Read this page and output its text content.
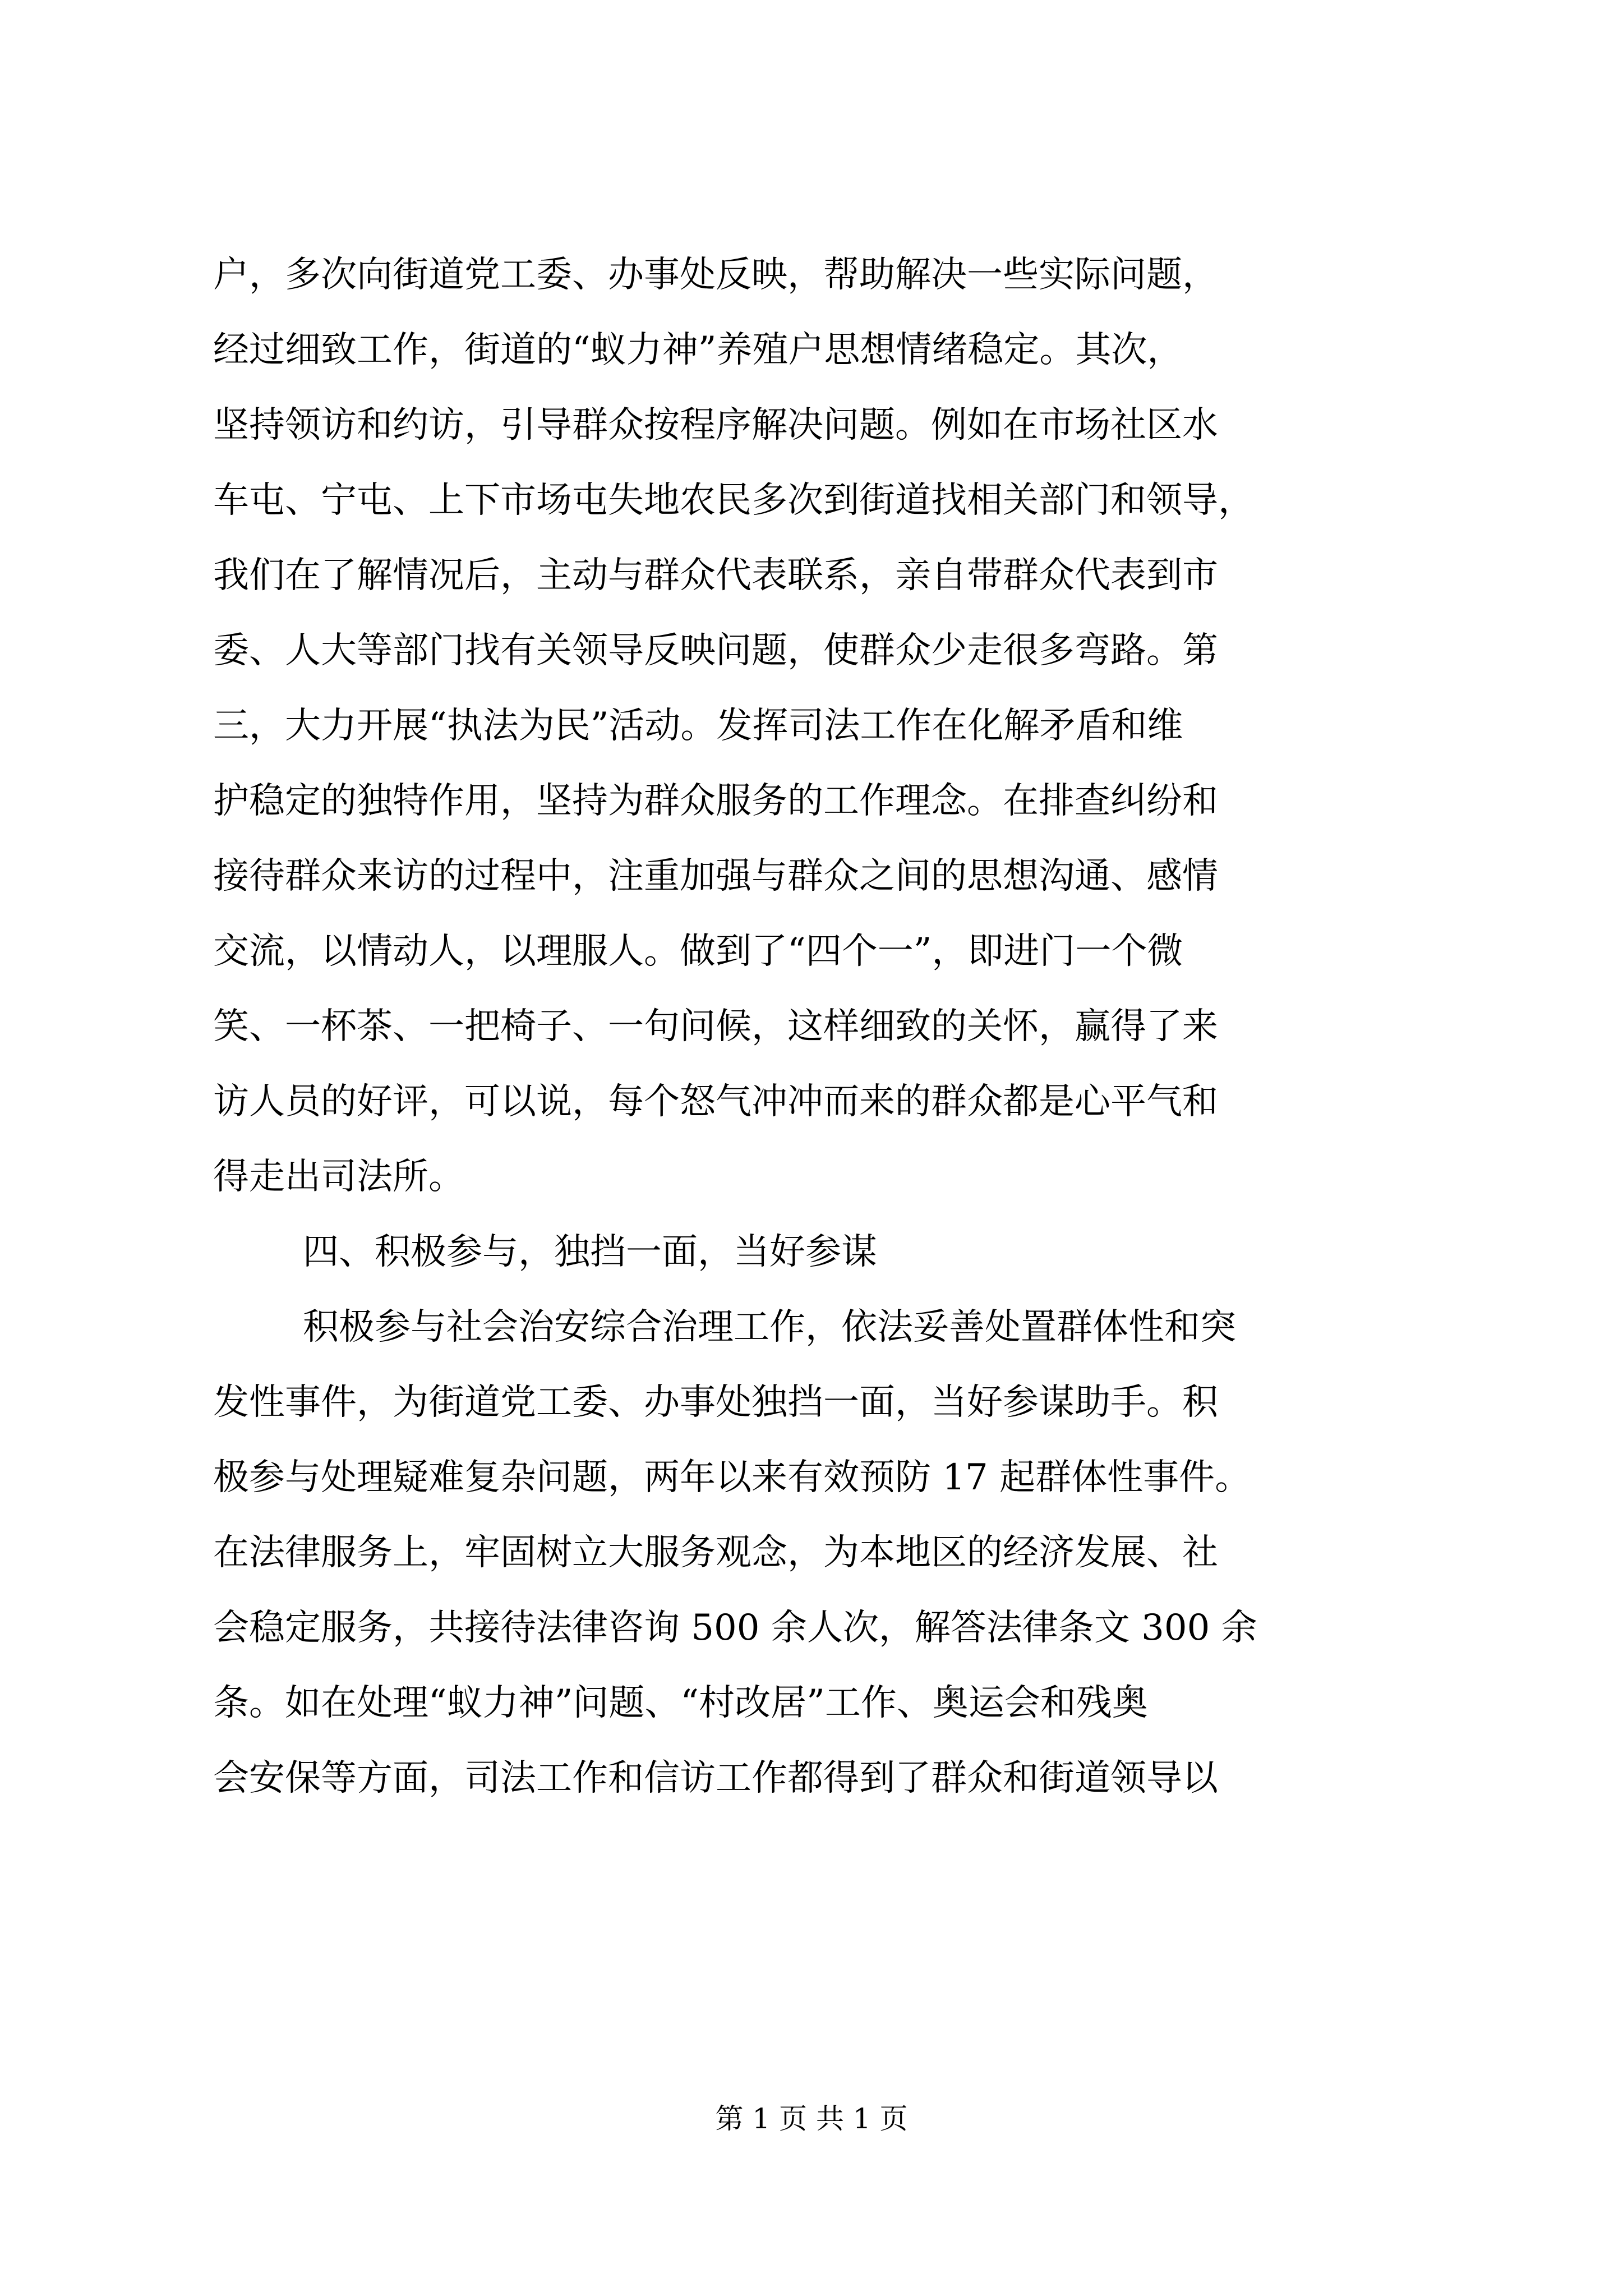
户，多次向街道党工委、办事处反映，帮助解决一些实际问题，
经过细致工作，街道的“蚁力神”养殖户思想情绪稳定。其次，
坚持领访和约访，引导群众按程序解决问题。例如在市场社区水
车屯、宁屯、上下市场屯失地农民多次到街道找相关部门和领导，
我们在了解情况后，主动与群众代表联系，亲自带群众代表到市
委、人大等部门找有关领导反映问题，使群众少走很多弯路。第
三，大力开展“执法为民”活动。发挥司法工作在化解矛盾和维
护稳定的独特作用，坚持为群众服务的工作理念。在排查纠纷和
接待群众来访的过程中，注重加强与群众之间的思想沟通、感情
交流，以情动人，以理服人。做到了“四个一”，即进门一个微
笑、一杯茶、一把椅子、一句问候，这样细致的关怀，赢得了来
访人员的好评，可以说，每个怒气冲冲而来的群众都是心平气和
得走出司法所。
四、积极参与，独挡一面，当好参谋
积极参与社会治安综合治理工作，依法妥善处置群体性和突
发性事件，为街道党工委、办事处独挡一面，当好参谋助手。积
极参与处理疑难复杂问题，两年以来有效预防 17 起群体性事件。
在法律服务上，牢固树立大服务观念，为本地区的经济发展、社
会稳定服务，共接待法律咨询 500 余人次，解答法律条文 300 余
条。如在处理“蚁力神”问题、“村改居”工作、奥运会和残奥
会安保等方面，司法工作和信访工作都得到了群众和街道领导以
第 1 页 共 1 页
